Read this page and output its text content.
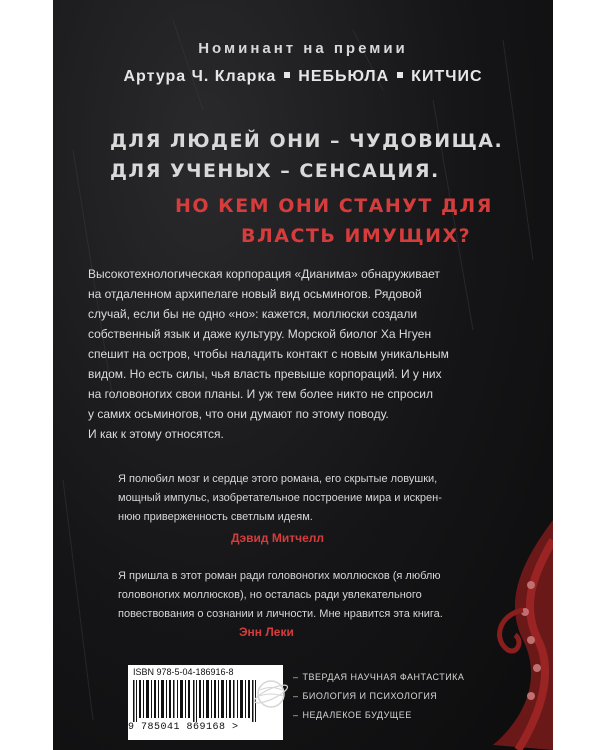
Номинант на премии
Артура Ч. Кларка НЕБЬЮЛА КИТЧИС
ДЛЯ ЛЮДЕЙ ОНИ – ЧУДОВИЩА.
ДЛЯ УЧЕНЫХ – СЕНСАЦИЯ.
НО КЕМ ОНИ СТАНУТ ДЛЯ
ВЛАСТЬ ИМУЩИХ?
Высокотехнологическая корпорация «Дианима» обнаруживает
на отдаленном архипелаге новый вид осьминогов. Рядовой
случай, если бы не одно «но»: кажется, моллюски создали
собственный язык и даже культуру. Морской биолог Ха Нгуен
спешит на остров, чтобы наладить контакт с новым уникальным
видом. Но есть силы, чья власть превыше корпораций. И у них
на головоногих свои планы. И уж тем более никто не спросил
у самих осьминогов, что они думают по этому поводу.
И как к этому относятся.
Я полюбил мозг и сердце этого романа, его скрытые ловушки,
мощный импульс, изобретательное построение мира и искрен-
нюю приверженность светлым идеям.
Дэвид Митчелл
Я пришла в этот роман ради головоногих моллюсков (я люблю
головоногих моллюсков), но осталась ради увлекательного
повествования о сознании и личности. Мне нравится эта книга.
Энн Леки
ISBN 978-5-04-186916-8
9 785041 869168 >
– ТВЕРДАЯ НАУЧНАЯ ФАНТАСТИКА
– БИОЛОГИЯ И ПСИХОЛОГИЯ
– НЕДАЛЕКОЕ БУДУЩЕЕ
